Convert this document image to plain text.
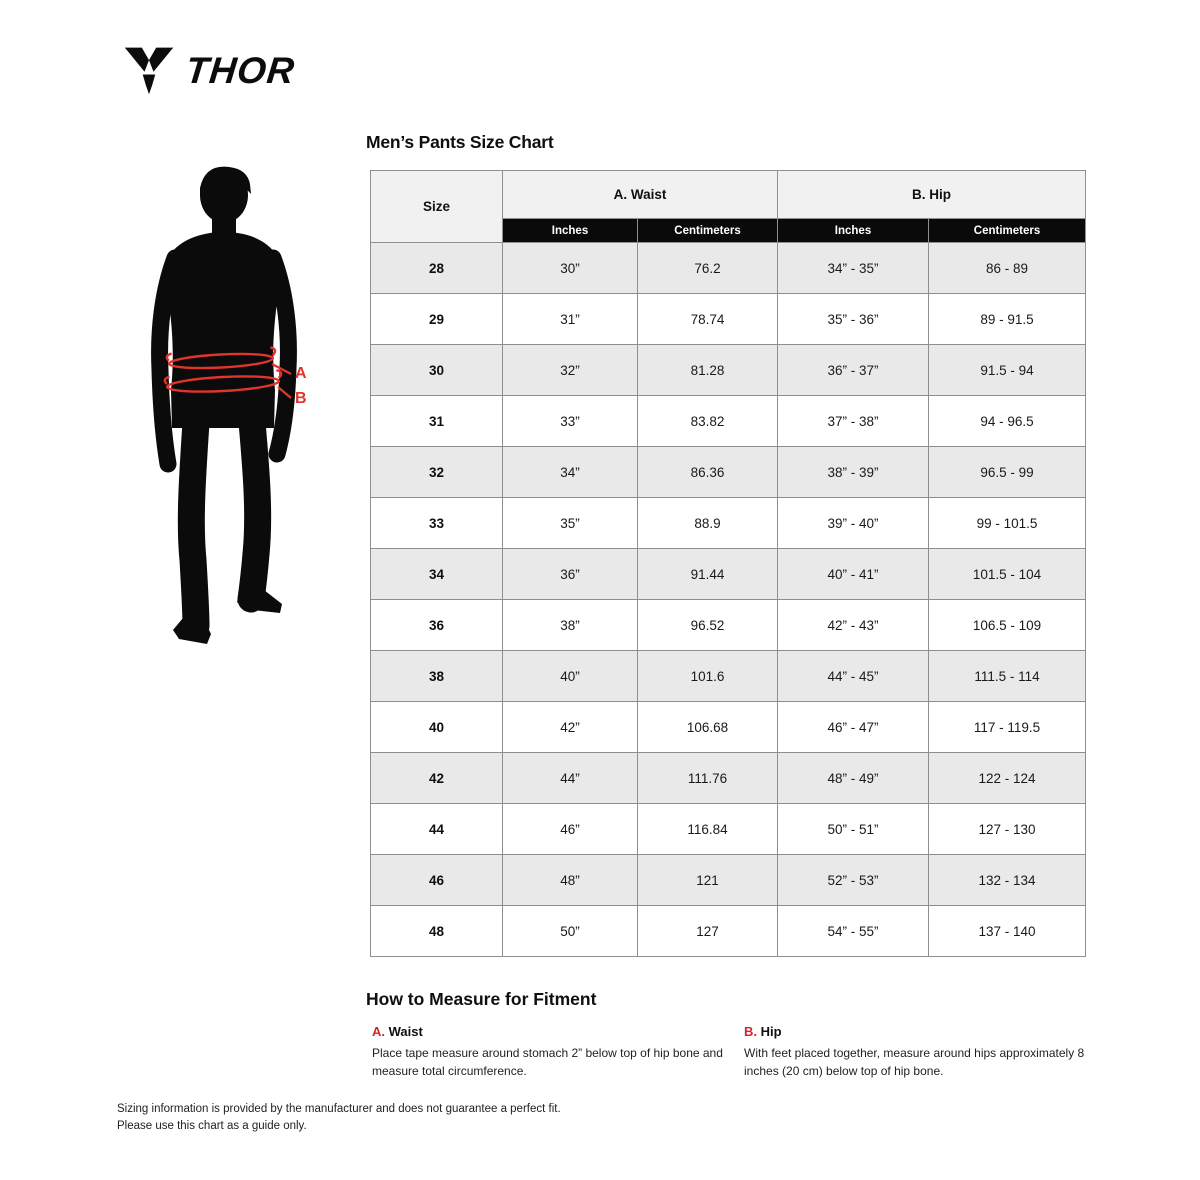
THOR
Men’s Pants Size Chart
A
B
Size	A. Waist		B. Hip	
	Inches	Centimeters	Inches	Centimeters
28	30”	76.2	34” - 35”	86 - 89
29	31”	78.74	35” - 36”	89 - 91.5
30	32”	81.28	36” - 37”	91.5 - 94
31	33”	83.82	37” - 38”	94 - 96.5
32	34”	86.36	38” - 39”	96.5 - 99
33	35”	88.9	39” - 40”	99 - 101.5
34	36”	91.44	40” - 41”	101.5 - 104
36	38”	96.52	42” - 43”	106.5 - 109
38	40”	101.6	44” - 45”	111.5 - 114
40	42”	106.68	46” - 47”	117 - 119.5
42	44”	111.76	48” - 49”	122 - 124
44	46”	116.84	50” - 51”	127 - 130
46	48”	121	52” - 53”	132 - 134
48	50”	127	54” - 55”	137 - 140
How to Measure for Fitment
A. Waist

Place tape measure around stomach 2” below top of hip bone and measure total circumference.

B. Hip

With feet placed together, measure around hips approximately 8 inches (20 cm) below top of hip bone.

Sizing information is provided by the manufacturer and does not guarantee a perfect fit.
Please use this chart as a guide only.
